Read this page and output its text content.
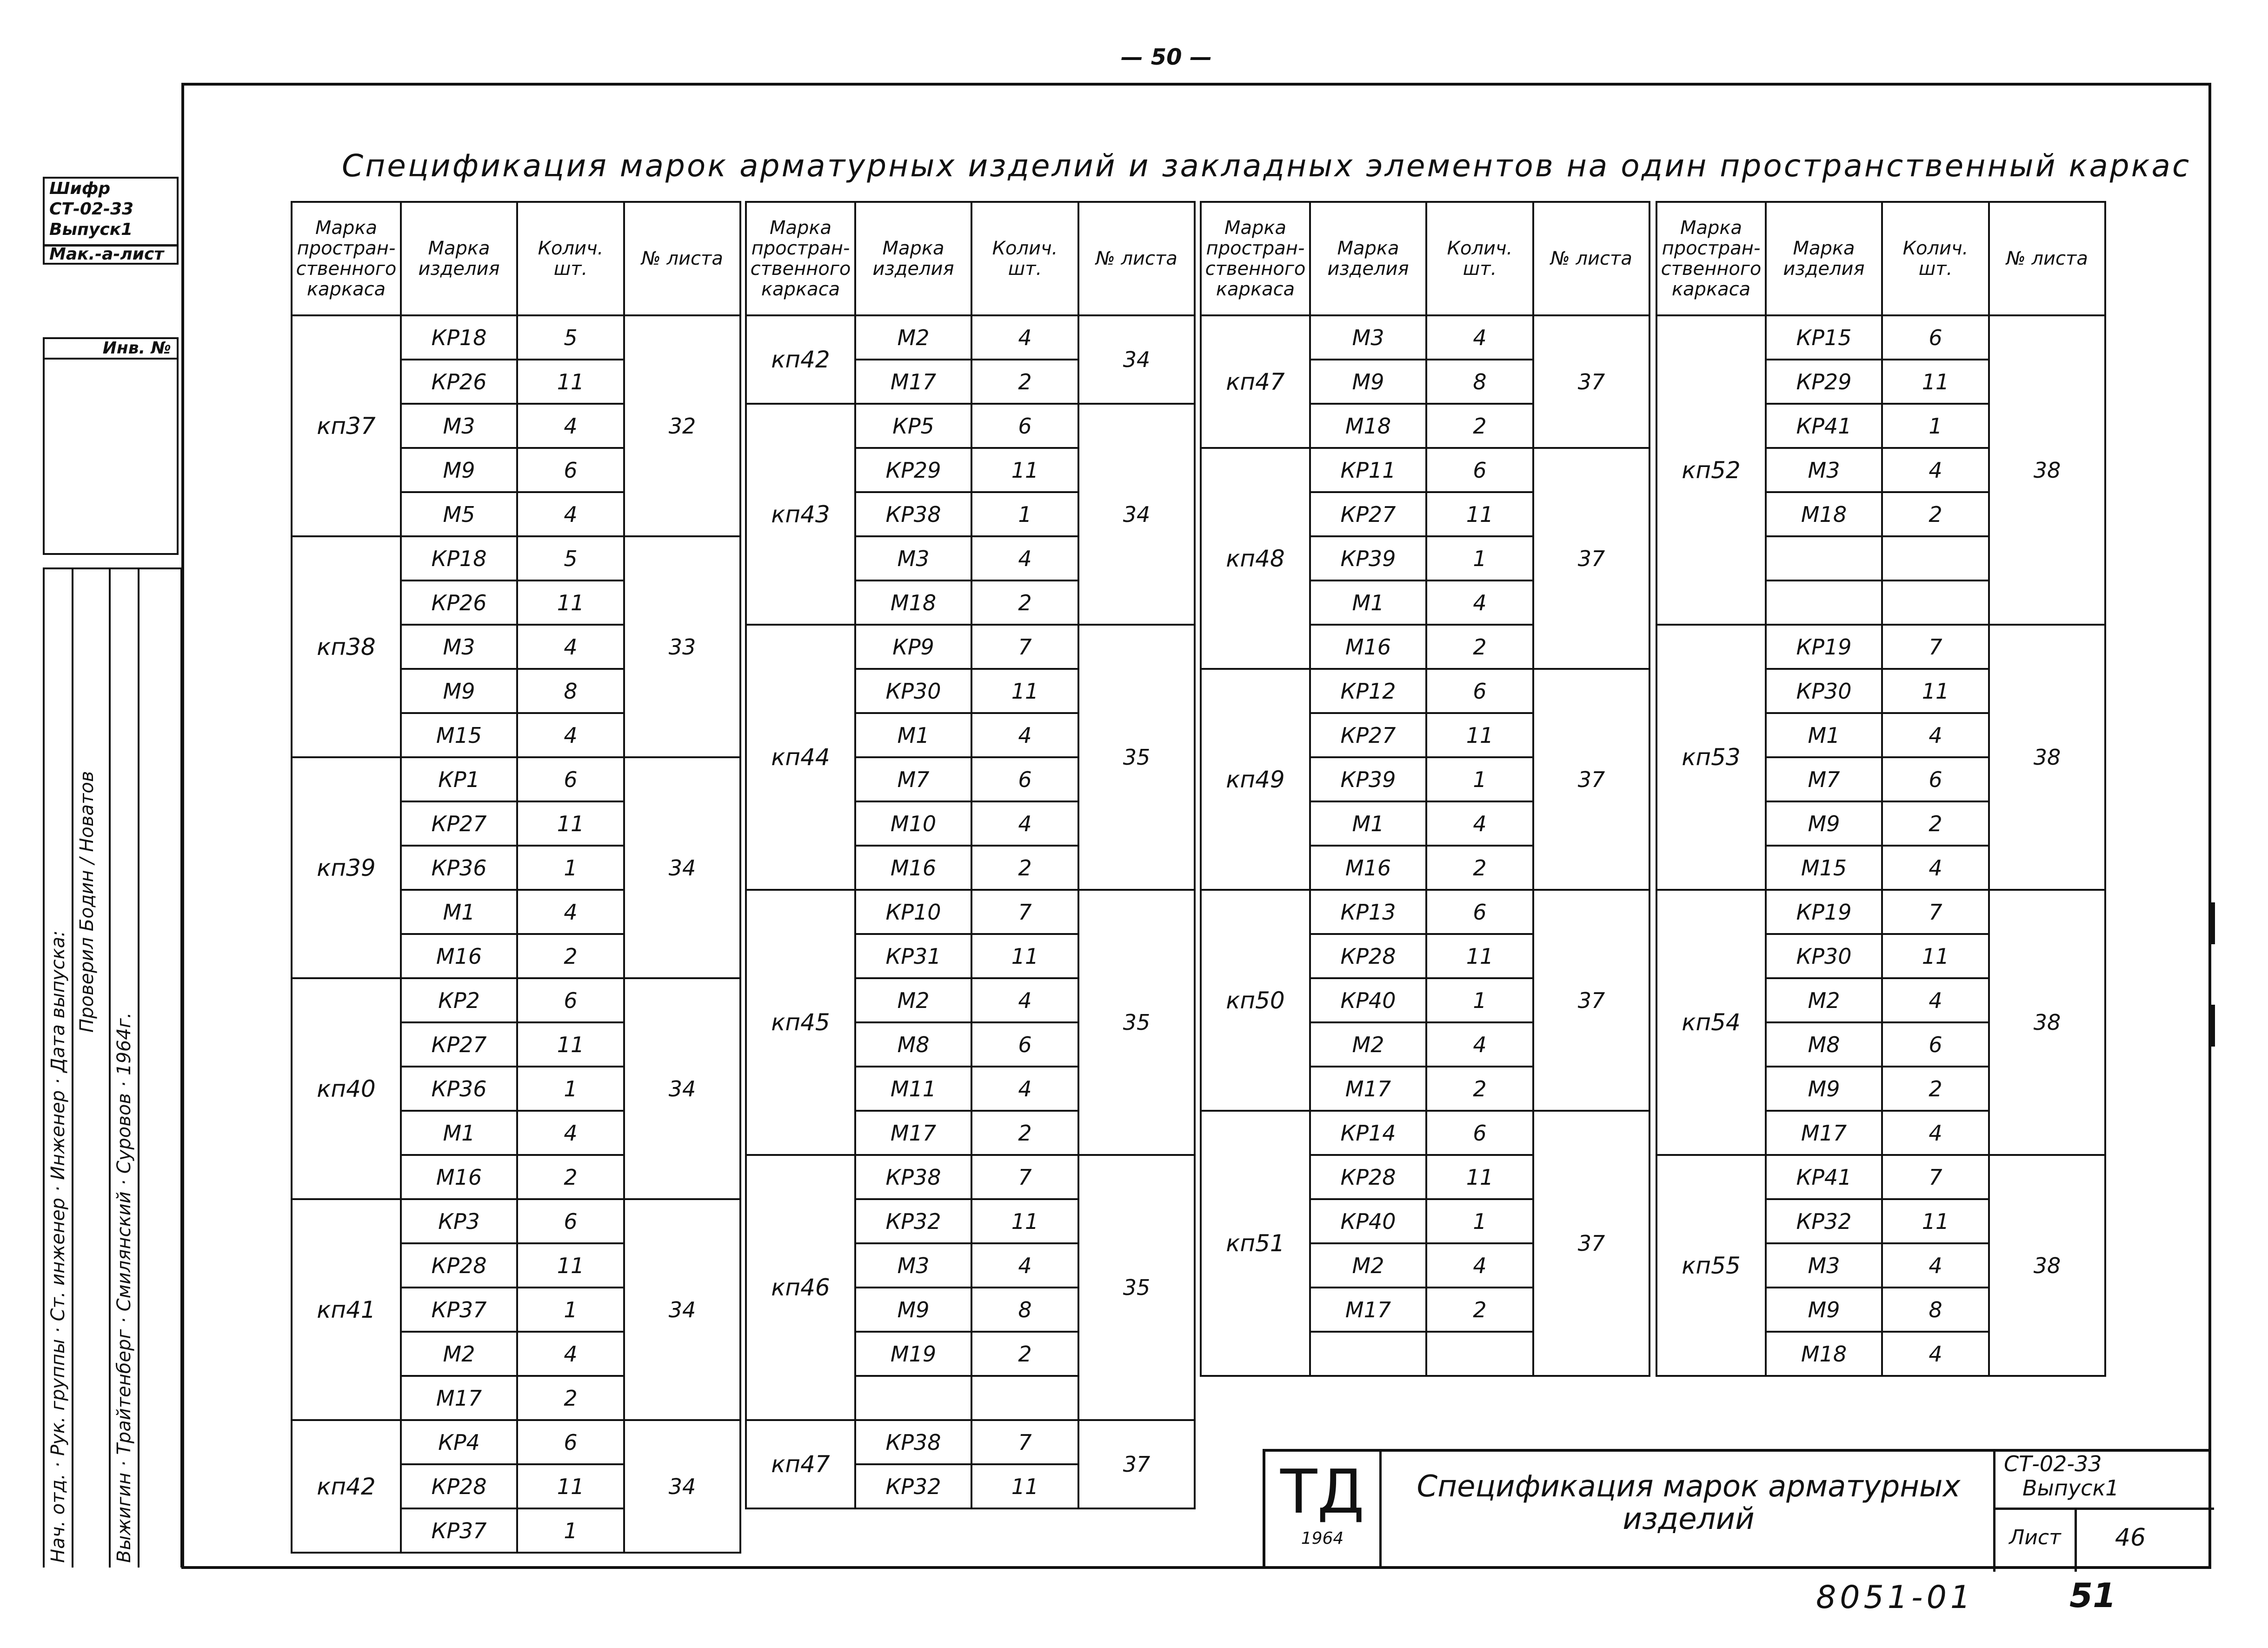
— 50 —
Спецификация марок арматурных изделий и закладных элементов на один пространственный каркас
Шифр
СТ-02-33
Выпуск1
Мак.-а-лист
Инв. №
Нач. отд. · Рук. группы · Ст. инженер · Инженер · Дата выпуска: Проверил Бодин / Новатов
Выжигин · Трайтенберг · Смилянский · Суровов · 1964г.
Марка простран-ственного каркаса	Марка изделия	Колич. шт.	№ листа
кп37	КР18	5	32
	КР26	11	
	М3	4	
	М9	6	
	М5	4	
кп38	КР18	5	33
	КР26	11	
	М3	4	
	М9	8	
	М15	4	
кп39	КР1	6	34
	КР27	11	
	КР36	1	
	М1	4	
	М16	2	
кп40	КР2	6	34
	КР27	11	
	КР36	1	
	М1	4	
	М16	2	
кп41	КР3	6	34
	КР28	11	
	КР37	1	
	М2	4	
	М17	2	
кп42	КР4	6	34
	КР28	11	
	КР37	1	
Марка простран-ственного каркаса	Марка изделия	Колич. шт.	№ листа
кп42	М2	4	34
	М17	2	
кп43	КР5	6	34
	КР29	11	
	КР38	1	
	М3	4	
	М18	2	
кп44	КР9	7	35
	КР30	11	
	М1	4	
	М7	6	
	М10	4	
	М16	2	
кп45	КР10	7	35
	КР31	11	
	М2	4	
	М8	6	
	М11	4	
	М17	2	
кп46	КР38	7	35
	КР32	11	
	М3	4	
	М9	8	
	М19	2	

кп47	КР38	7	37
	КР32	11	
Марка простран-ственного каркаса	Марка изделия	Колич. шт.	№ листа
кп47	М3	4	37
	М9	8	
	М18	2	
кп48	КР11	6	37
	КР27	11	
	КР39	1	
	М1	4	
	М16	2	
кп49	КР12	6	37
	КР27	11	
	КР39	1	
	М1	4	
	М16	2	
кп50	КР13	6	37
	КР28	11	
	КР40	1	
	М2	4	
	М17	2	
кп51	КР14	6	37
	КР28	11	
	КР40	1	
	М2	4	
	М17	2	

Марка простран-ственного каркаса	Марка изделия	Колич. шт.	№ листа
кп52	КР15	6	38
	КР29	11	
	КР41	1	
	М3	4	
	М18	2	

кп53	КР19	7	38
	КР30	11	
	М1	4	
	М7	6	
	М9	2	
	М15	4	
кп54	КР19	7	38
	КР30	11	
	М2	4	
	М8	6	
	М9	2	
	М17	4	
кп55	КР41	7	38
	КР32	11	
	М3	4	
	М9	8	
	М18	4	
ТД
1964
Спецификация марок арматурных изделий
СТ-02-33
Выпуск1
Лист	46
8051-01	51
